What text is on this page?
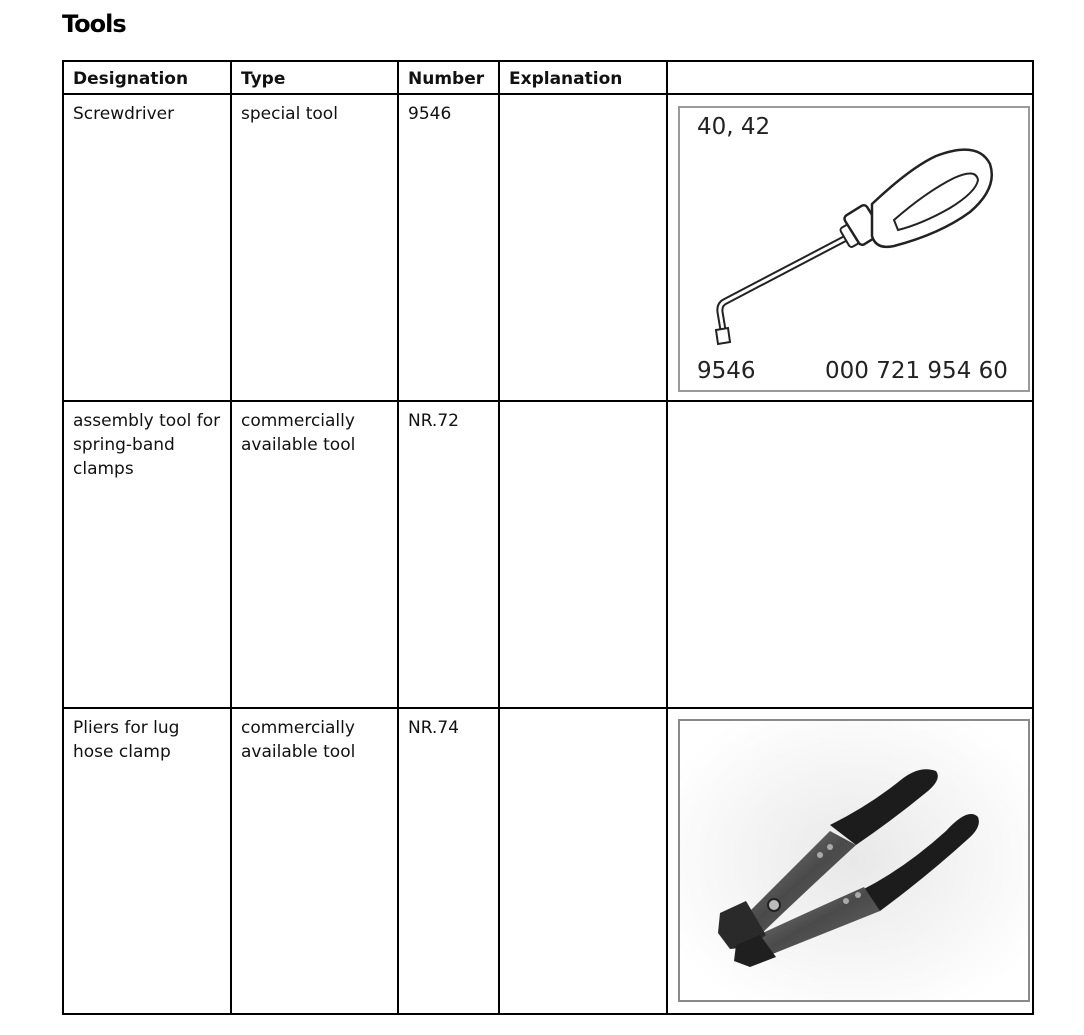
Tools
Designation	Type	Number	Explanation	
Screwdriver	special tool	9546		40, 42
9546 000 721 954 60

assembly tool for spring-band clamps	commercially available tool	NR.72		
Pliers for lug hose clamp	commercially available tool	NR.74		
